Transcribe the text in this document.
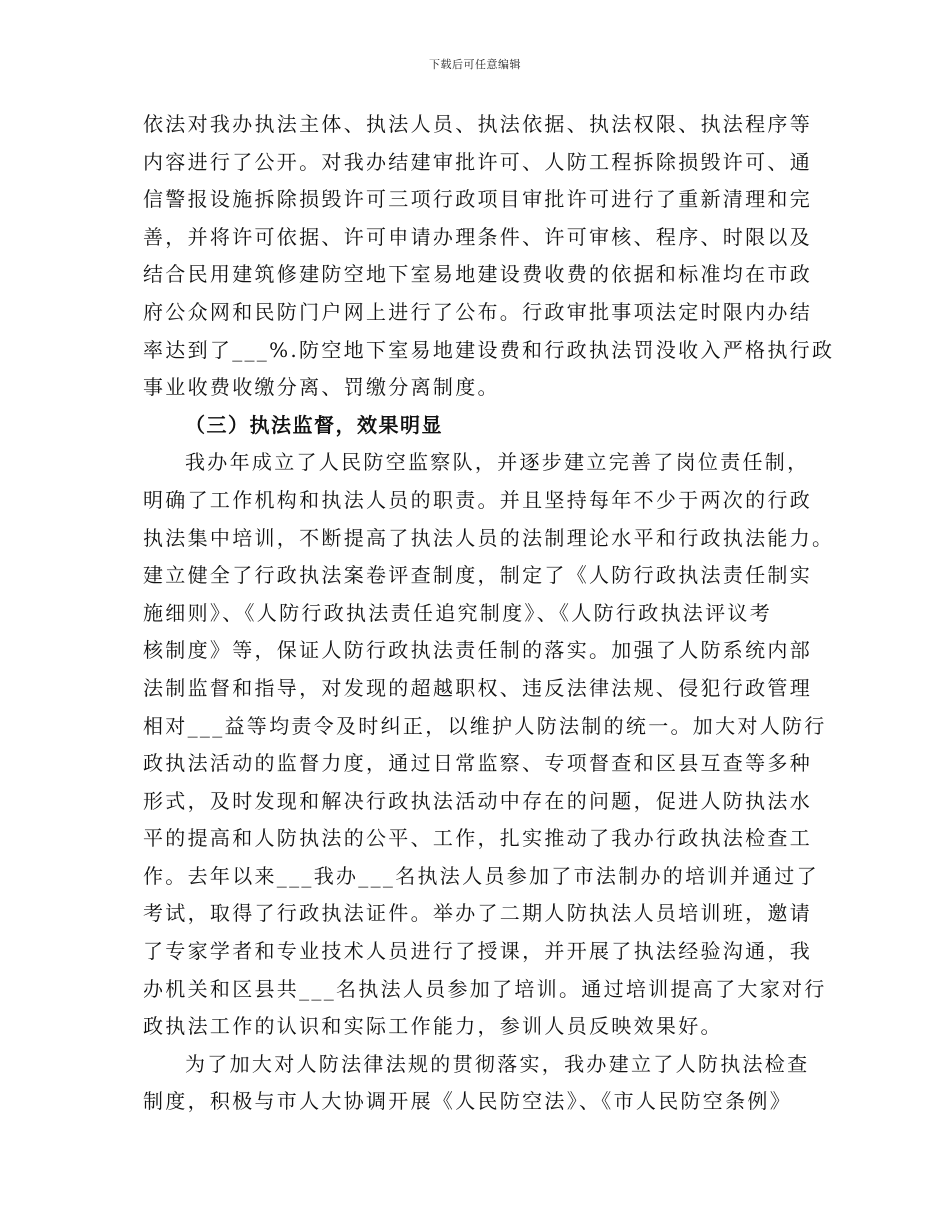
下载后可任意编辑
依法对我办执法主体、执法人员、执法依据、执法权限、执法程序等
内容进行了公开。对我办结建审批许可、人防工程拆除损毁许可、通
信警报设施拆除损毁许可三项行政项目审批许可进行了重新清理和完
善，并将许可依据、许可申请办理条件、许可审核、程序、时限以及
结合民用建筑修建防空地下室易地建设费收费的依据和标准均在市政
府公众网和民防门户网上进行了公布。行政审批事项法定时限内办结
率达到了___%.防空地下室易地建设费和行政执法罚没收入严格执行政
事业收费收缴分离、罚缴分离制度。
（三）执法监督，效果明显
我办年成立了人民防空监察队，并逐步建立完善了岗位责任制，
明确了工作机构和执法人员的职责。并且坚持每年不少于两次的行政
执法集中培训，不断提高了执法人员的法制理论水平和行政执法能力。
建立健全了行政执法案卷评查制度，制定了《人防行政执法责任制实
施细则》、《人防行政执法责任追究制度》、《人防行政执法评议考
核制度》等，保证人防行政执法责任制的落实。加强了人防系统内部
法制监督和指导，对发现的超越职权、违反法律法规、侵犯行政管理
相对___益等均责令及时纠正，以维护人防法制的统一。加大对人防行
政执法活动的监督力度，通过日常监察、专项督查和区县互查等多种
形式，及时发现和解决行政执法活动中存在的问题，促进人防执法水
平的提高和人防执法的公平、工作，扎实推动了我办行政执法检查工
作。去年以来___我办___名执法人员参加了市法制办的培训并通过了
考试，取得了行政执法证件。举办了二期人防执法人员培训班，邀请
了专家学者和专业技术人员进行了授课，并开展了执法经验沟通，我
办机关和区县共___名执法人员参加了培训。通过培训提高了大家对行
政执法工作的认识和实际工作能力，参训人员反映效果好。
为了加大对人防法律法规的贯彻落实，我办建立了人防执法检查
制度，积极与市人大协调开展《人民防空法》、《市人民防空条例》
